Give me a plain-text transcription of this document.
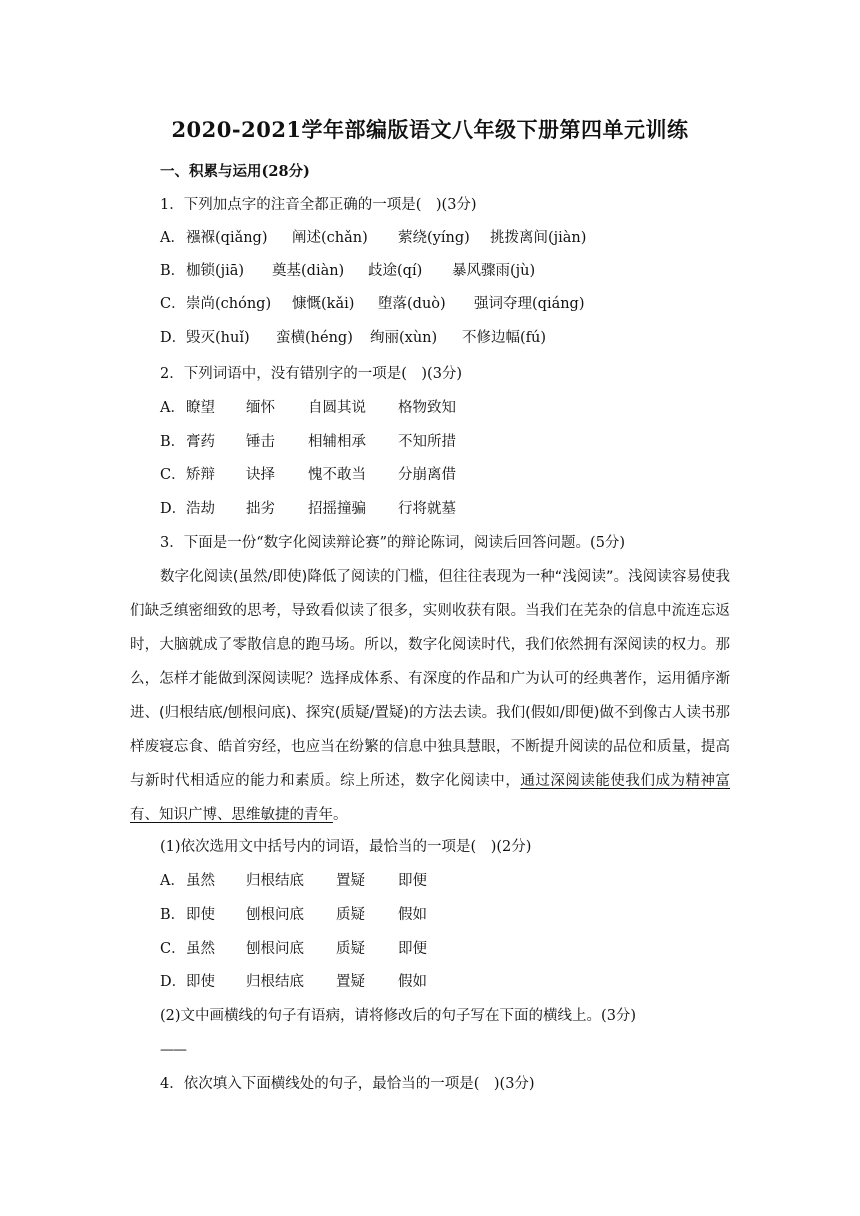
2020-2021学年部编版语文八年级下册第四单元训练
一、积累与运用(28分)
1．下列加点字的注音全都正确的一项是(　)(3分)
A．襁褓(qiǎng) 阐述(chǎn) 萦绕(yíng) 挑拨离间(jiàn)
B．枷锁(jiā) 奠基(diàn) 歧途(qí) 暴风骤雨(jù)
C．崇尚(chóng) 慷慨(kǎi) 堕落(duò) 强词夺理(qiáng)
D．毁灭(huǐ) 蛮横(héng) 绚丽(xùn) 不修边幅(fú)
2．下列词语中，没有错别字的一项是(　)(3分)
A．瞭望 缅怀 自圆其说 格物致知
B．膏药 锤击 相辅相承 不知所措
C．矫辩 诀择 愧不敢当 分崩离借
D．浩劫 拙劣 招摇撞骗 行将就墓
3．下面是一份“数字化阅读辩论赛”的辩论陈词，阅读后回答问题。(5分)
数字化阅读(虽然/即使)降低了阅读的门槛，但往往表现为一种“浅阅读”。浅阅读容易使我们缺乏缜密细致的思考，导致看似读了很多，实则收获有限。当我们在芜杂的信息中流连忘返时，大脑就成了零散信息的跑马场。所以，数字化阅读时代，我们依然拥有深阅读的权力。那么，怎样才能做到深阅读呢？选择成体系、有深度的作品和广为认可的经典著作，运用循序渐进、(归根结底/刨根问底)、探究(质疑/置疑)的方法去读。我们(假如/即便)做不到像古人读书那样废寝忘食、皓首穷经，也应当在纷繁的信息中独具慧眼，不断提升阅读的品位和质量，提高与新时代相适应的能力和素质。综上所述，数字化阅读中，通过深阅读能使我们成为精神富有、知识广博、思维敏捷的青年。
(1)依次选用文中括号内的词语，最恰当的一项是(　)(2分)
A．虽然 归根结底 置疑 即便
B．即使 刨根问底 质疑 假如
C．虽然 刨根问底 质疑 即便
D．即使 归根结底 置疑 假如
(2)文中画横线的句子有语病，请将修改后的句子写在下面的横线上。(3分)
——
4．依次填入下面横线处的句子，最恰当的一项是(　)(3分)
